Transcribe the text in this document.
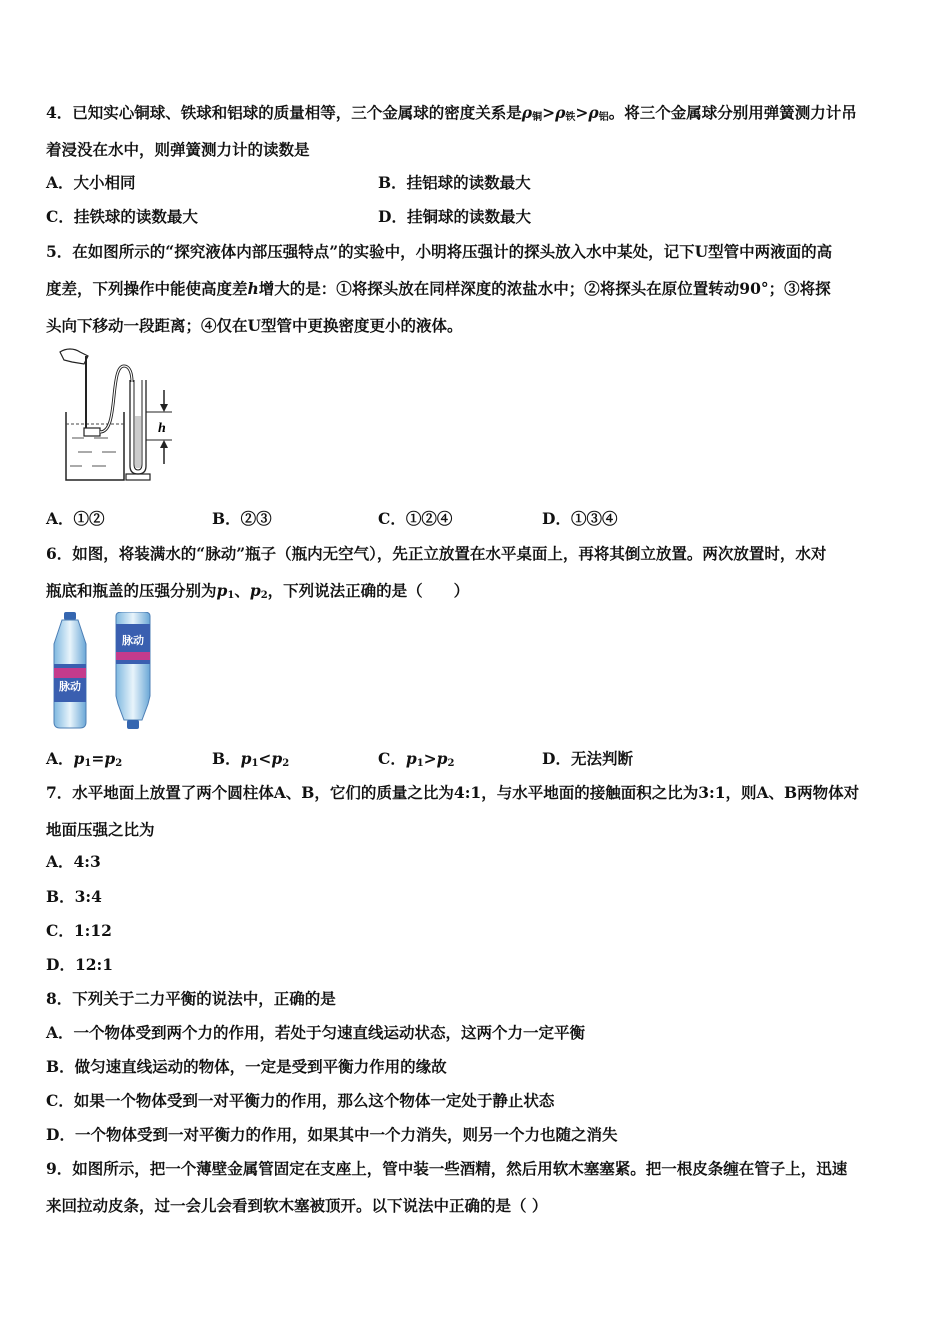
4．已知实心铜球、铁球和铝球的质量相等，三个金属球的密度关系是$\rho_铜>\rho_铁>\rho_铝$。将三个金属球分别用弹簧测力计吊
着浸没在水中，则弹簧测力计的读数是
A．大小相同	B．挂铝球的读数最大
C．挂铁球的读数最大	D．挂铜球的读数最大
5．在如图所示的“探究液体内部压强特点”的实验中，小明将压强计的探头放入水中某处，记下U型管中两液面的高
度差，下列操作中能使高度差h增大的是：①将探头放在同样深度的浓盐水中；②将探头在原位置转动90°；③将探
头向下移动一段距离；④仅在U型管中更换密度更小的液体。
h
A．①②	B．②③	C．①②④	D．①③④
6．如图，将装满水的“脉动”瓶子（瓶内无空气），先正立放置在水平桌面上，再将其倒立放置。两次放置时，水对
瓶底和瓶盖的压强分别为$p_1$、$p_2$，下列说法正确的是（　　）
脉动
脉动
A．$p_1=p_2$	B．$p_1<p_2$	C．$p_1>p_2$	D．无法判断
7．水平地面上放置了两个圆柱体A、B，它们的质量之比为4:1，与水平地面的接触面积之比为3:1，则A、B两物体对
地面压强之比为
A．4:3
B．3:4
C．1:12
D．12:1
8．下列关于二力平衡的说法中，正确的是
A．一个物体受到两个力的作用，若处于匀速直线运动状态，这两个力一定平衡
B．做匀速直线运动的物体，一定是受到平衡力作用的缘故
C．如果一个物体受到一对平衡力的作用，那么这个物体一定处于静止状态
D．一个物体受到一对平衡力的作用，如果其中一个力消失，则另一个力也随之消失
9．如图所示，把一个薄壁金属管固定在支座上，管中装一些酒精，然后用软木塞塞紧。把一根皮条缠在管子上，迅速
来回拉动皮条，过一会儿会看到软木塞被顶开。以下说法中正确的是（ ）
